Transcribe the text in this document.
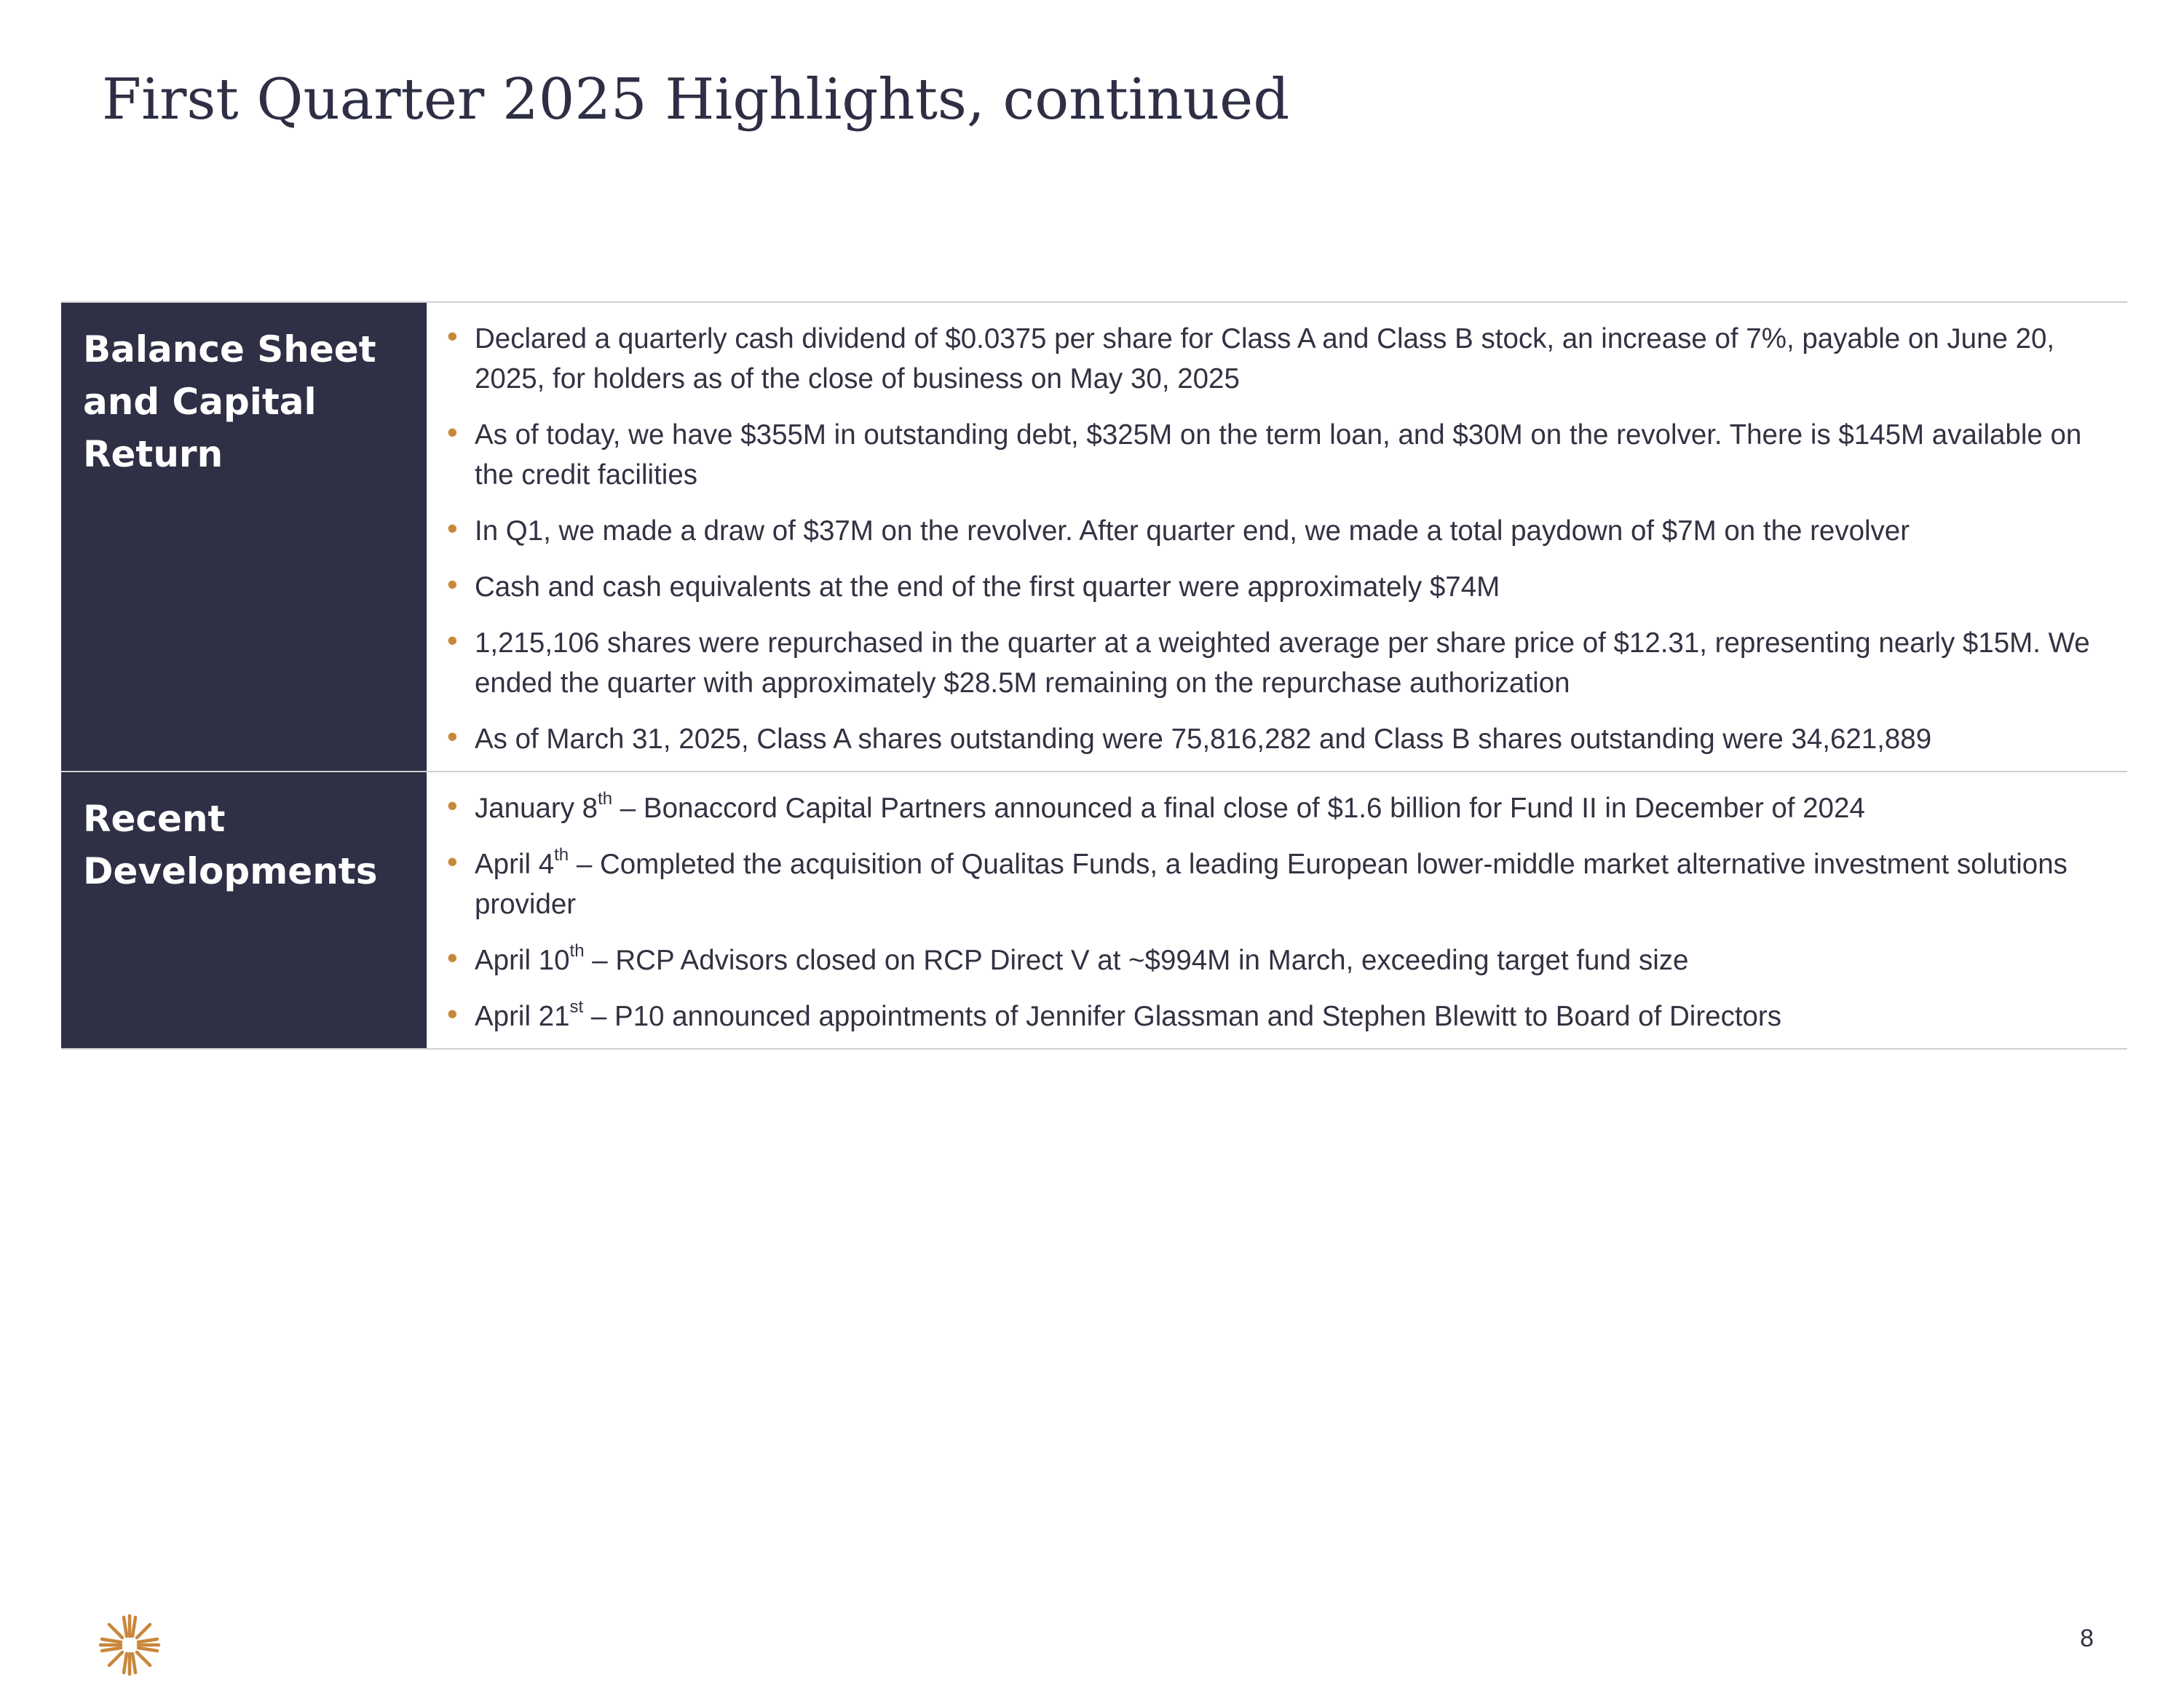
First Quarter 2025 Highlights, continued
Balance Sheet and Capital Return
• Declared a quarterly cash dividend of $0.0375 per share for Class A and Class B stock, an increase of 7%, payable on June 20, 2025, for holders as of the close of business on May 30, 2025
• As of today, we have $355M in outstanding debt, $325M on the term loan, and $30M on the revolver. There is $145M available on the credit facilities
• In Q1, we made a draw of $37M on the revolver. After quarter end, we made a total paydown of $7M on the revolver
• Cash and cash equivalents at the end of the first quarter were approximately $74M
• 1,215,106 shares were repurchased in the quarter at a weighted average per share price of $12.31, representing nearly $15M. We ended the quarter with approximately $28.5M remaining on the repurchase authorization
• As of March 31, 2025, Class A shares outstanding were 75,816,282 and Class B shares outstanding were 34,621,889
Recent Developments
• January 8th – Bonaccord Capital Partners announced a final close of $1.6 billion for Fund II in December of 2024
• April 4th – Completed the acquisition of Qualitas Funds, a leading European lower-middle market alternative investment solutions provider
• April 10th – RCP Advisors closed on RCP Direct V at ~$994M in March, exceeding target fund size
• April 21st – P10 announced appointments of Jennifer Glassman and Stephen Blewitt to Board of Directors
8
